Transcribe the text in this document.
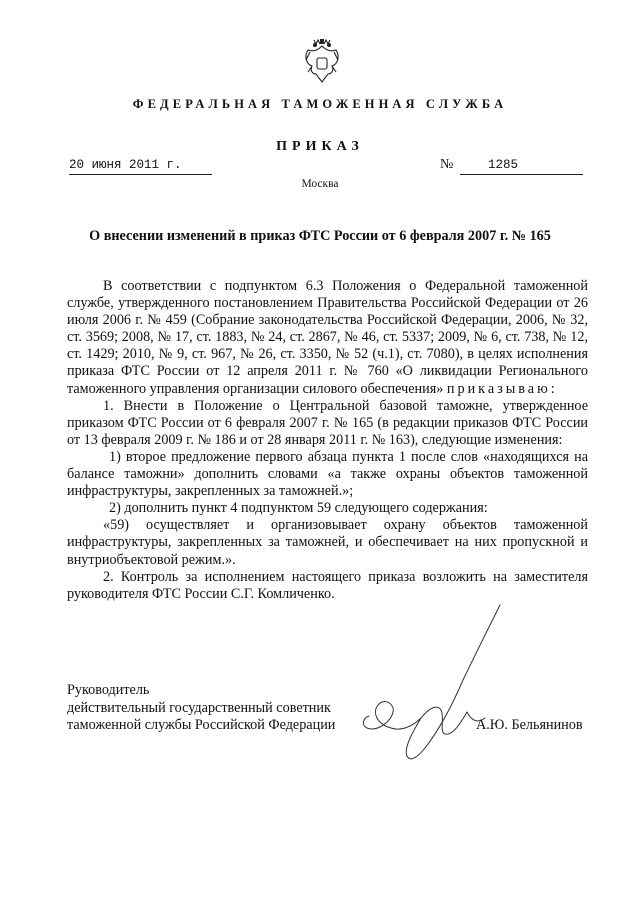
ФЕДЕРАЛЬНАЯ ТАМОЖЕННАЯ СЛУЖБА
ПРИКАЗ
20 июня 2011 г.	№	1285
Москва
О внесении изменений в приказ ФТС России от 6 февраля 2007 г. № 165

В соответствии с подпунктом 6.3 Положения о Федеральной таможенной службе, утвержденного постановлением Правительства Российской Федерации от 26 июля 2006 г. № 459 (Собрание законодательства Российской Федерации, 2006, № 32, ст. 3569; 2008, № 17, ст. 1883, № 24, ст. 2867, № 46, ст. 5337; 2009, № 6, ст. 738, № 12, ст. 1429; 2010, № 9, ст. 967, № 26, ст. 3350, № 52 (ч.1), ст. 7080), в целях исполнения приказа ФТС России от 12 апреля 2011 г. № 760 «О ликвидации Регионального таможенного управления организации силового обеспечения» приказываю:

1. Внести в Положение о Центральной базовой таможне, утвержденное приказом ФТС России от 6 февраля 2007 г. № 165 (в редакции приказов ФТС России от 13 февраля 2009 г. № 186 и от 28 января 2011 г. № 163), следующие изменения:

1) второе предложение первого абзаца пункта 1 после слов «находящихся на балансе таможни» дополнить словами «а также охраны объектов таможенной инфраструктуры, закрепленных за таможней.»;

2) дополнить пункт 4 подпунктом 59 следующего содержания:

«59) осуществляет и организовывает охрану объектов таможенной инфраструктуры, закрепленных за таможней, и обеспечивает на них пропускной и внутриобъектовой режим.».

2. Контроль за исполнением настоящего приказа возложить на заместителя руководителя ФТС России С.Г. Комличенко.

Руководитель
действительный государственный советник
таможенной службы Российской Федерации	А.Ю. Бельянинов
